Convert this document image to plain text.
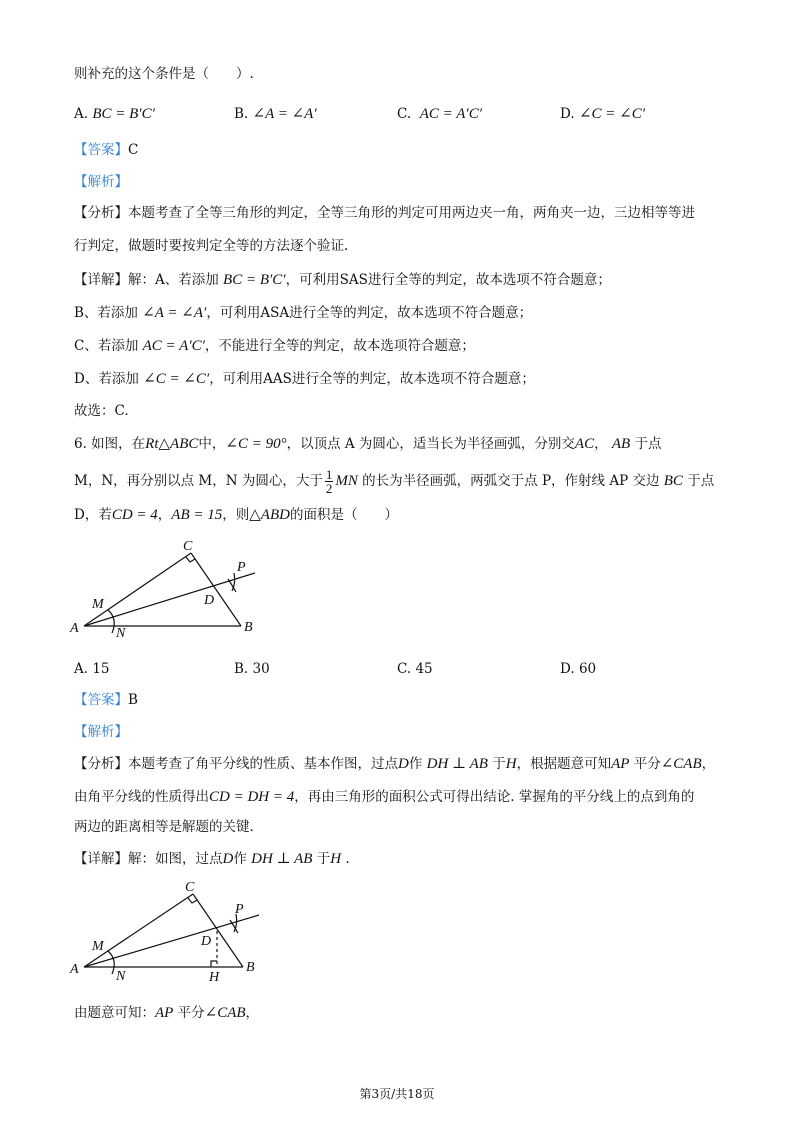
则补充的这个条件是（　　）.
A. BC = B′C′	B. ∠A = ∠A′	C. AC = A′C′	D. ∠C = ∠C′
【答案】C
【解析】
【分析】本题考查了全等三角形的判定，全等三角形的判定可用两边夹一角，两角夹一边，三边相等等进
行判定，做题时要按判定全等的方法逐个验证.
【详解】解：A、若添加 BC = B′C′，可利用SAS进行全等的判定，故本选项不符合题意；
B、若添加 ∠A = ∠A′，可利用ASA进行全等的判定，故本选项不符合题意；
C、若添加 AC = A′C′，不能进行全等的判定，故本选项符合题意；
D、若添加 ∠C = ∠C′，可利用AAS进行全等的判定，故本选项不符合题意；
故选：C.
6. 如图，在Rt△ABC中，∠C = 90°，以顶点 A 为圆心，适当长为半径画弧，分别交AC， AB 于点
M，N，再分别以点 M，N 为圆心，大于 $\frac{1}{2}$ MN 的长为半径画弧，两弧交于点 P，作射线 AP 交边 BC 于点
D，若CD = 4，AB = 15，则△ABD的面积是（　　）
C
P
D
M
A	N	B
A. 15	B. 30	C. 45	D. 60
【答案】B
【解析】
【分析】本题考查了角平分线的性质、基本作图，过点D作 DH ⊥ AB 于H，根据题意可知AP 平分∠CAB，
由角平分线的性质得出CD = DH = 4，再由三角形的面积公式可得出结论. 掌握角的平分线上的点到角的
两边的距离相等是解题的关键.
【详解】解：如图，过点D作 DH ⊥ AB 于H .
C
P
D
M
A	N	H
B
由题意可知：AP 平分∠CAB，
第3页/共18页
